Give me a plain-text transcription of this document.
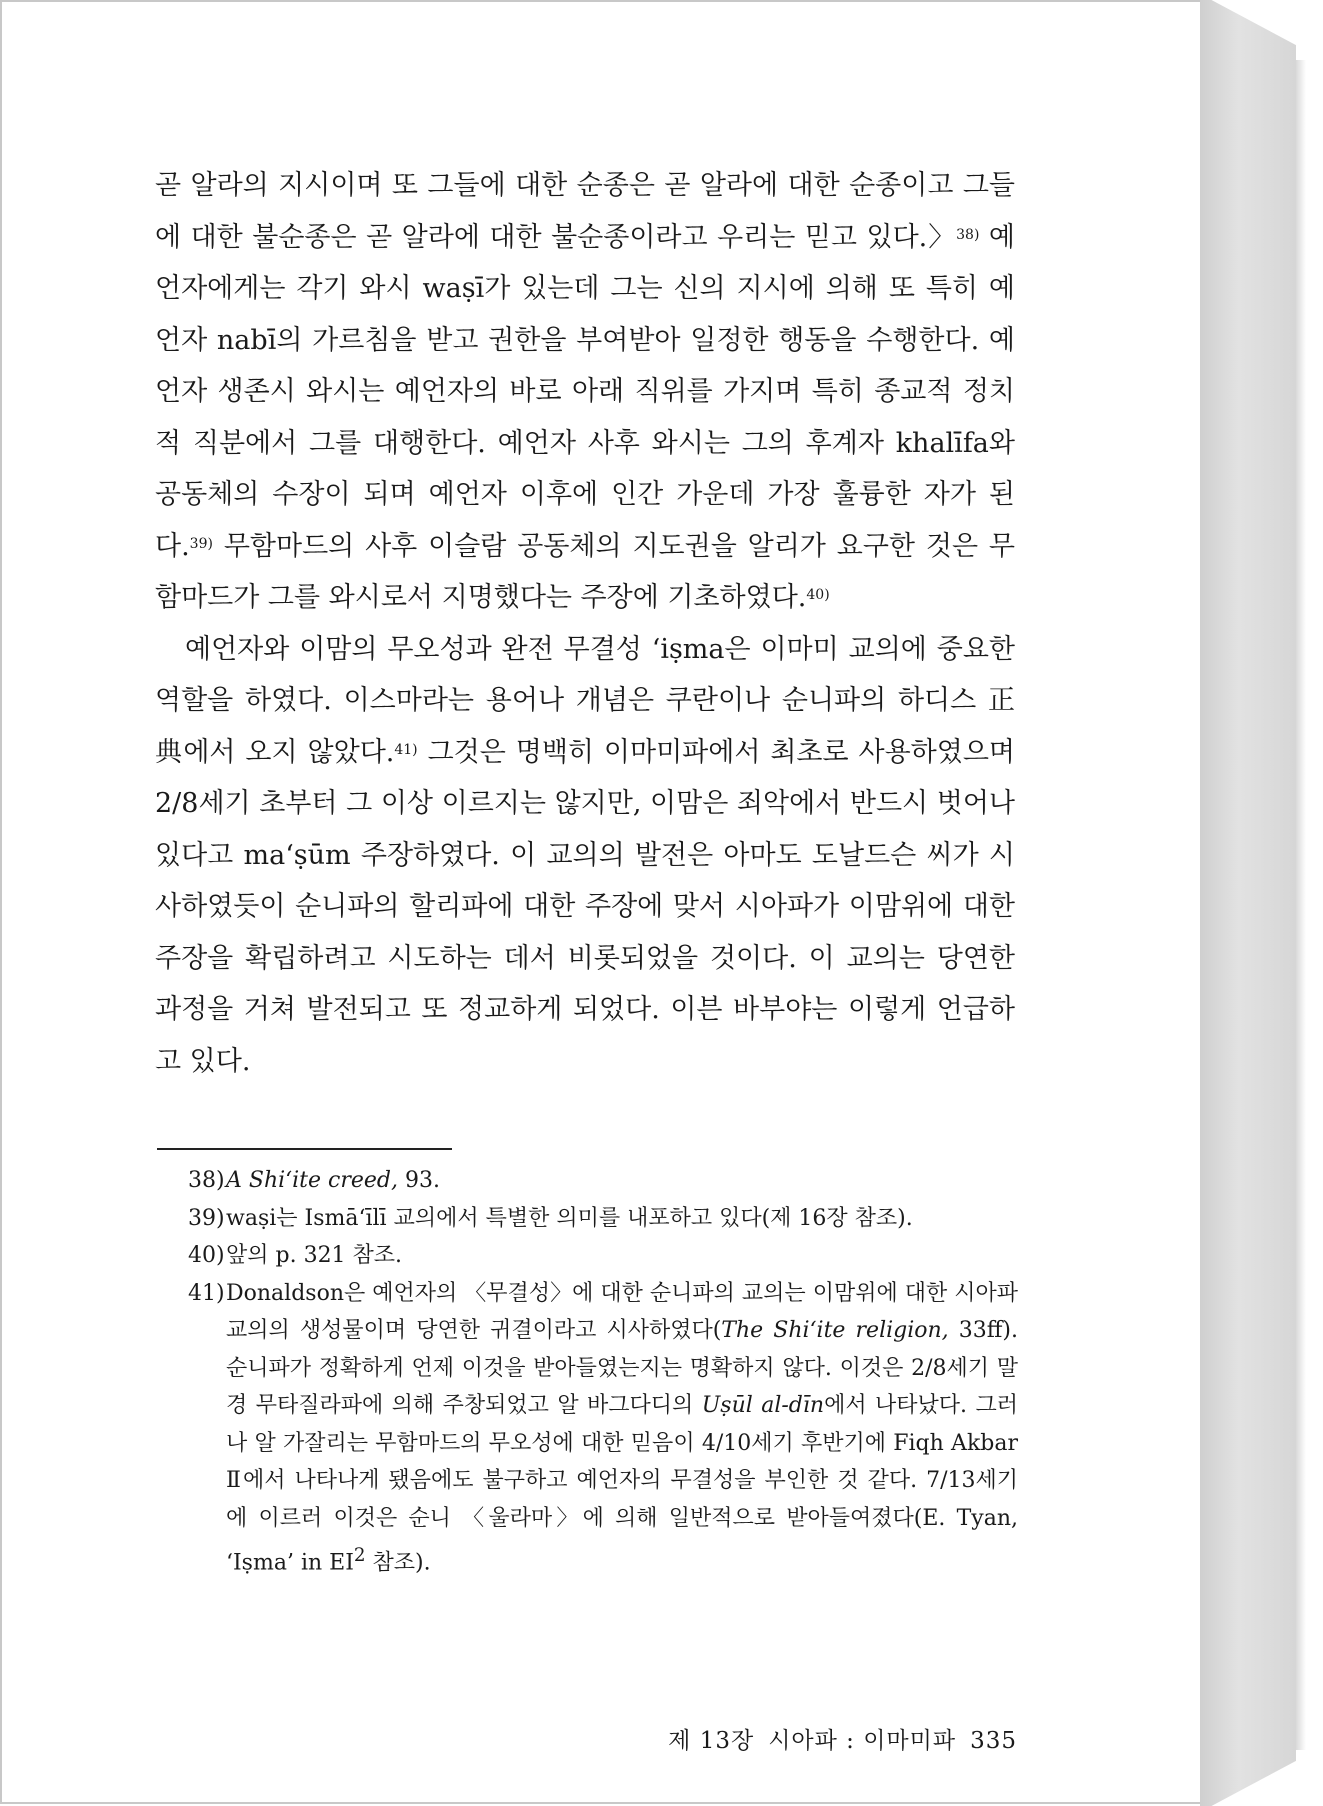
곧 알라의 지시이며 또 그들에 대한 순종은 곧 알라에 대한 순종이고 그들에 대한 불순종은 곧 알라에 대한 불순종이라고 우리는 믿고 있다.〉$^{38)}$ 예언자에게는 각기 와시 waṣī가 있는데 그는 신의 지시에 의해 또 특히 예언자 nabī의 가르침을 받고 권한을 부여받아 일정한 행동을 수행한다. 예언자 생존시 와시는 예언자의 바로 아래 직위를 가지며 특히 종교적 정치적 직분에서 그를 대행한다. 예언자 사후 와시는 그의 후계자 khalīfa와 공동체의 수장이 되며 예언자 이후에 인간 가운데 가장 훌륭한 자가 된다.$^{39)}$ 무함마드의 사후 이슬람 공동체의 지도권을 알리가 요구한 것은 무함마드가 그를 와시로서 지명했다는 주장에 기초하였다.$^{40)}$

예언자와 이맘의 무오성과 완전 무결성 ‘iṣma은 이마미 교의에 중요한 역할을 하였다. 이스마라는 용어나 개념은 쿠란이나 순니파의 하디스 正典에서 오지 않았다.$^{41)}$ 그것은 명백히 이마미파에서 최초로 사용하였으며 2/8세기 초부터 그 이상 이르지는 않지만, 이맘은 죄악에서 반드시 벗어나 있다고 ma‘ṣūm 주장하였다. 이 교의의 발전은 아마도 도날드슨 씨가 시사하였듯이 순니파의 할리파에 대한 주장에 맞서 시아파가 이맘위에 대한 주장을 확립하려고 시도하는 데서 비롯되었을 것이다. 이 교의는 당연한 과정을 거쳐 발전되고 또 정교하게 되었다. 이븐 바부야는 이렇게 언급하고 있다.

38) A Shi‘ite creed, 93.
39) waṣi는 Ismā‘īlī 교의에서 특별한 의미를 내포하고 있다(제 16장 참조).
40) 앞의 p. 321 참조.
41) Donaldson은 예언자의 〈무결성〉에 대한 순니파의 교의는 이맘위에 대한 시아파 교의의 생성물이며 당연한 귀결이라고 시사하였다(The Shi‘ite religion, 33ff). 순니파가 정확하게 언제 이것을 받아들였는지는 명확하지 않다. 이것은 2/8세기 말경 무타질라파에 의해 주창되었고 알 바그다디의 Uṣūl al-dīn에서 나타났다. 그러나 알 가잘리는 무함마드의 무오성에 대한 믿음이 4/10세기 후반기에 Fiqh Akbar Ⅱ에서 나타나게 됐음에도 불구하고 예언자의 무결성을 부인한 것 같다. 7/13세기에 이르러 이것은 순니 〈울라마〉에 의해 일반적으로 받아들여졌다(E. Tyan, ‘Iṣma’ in $EI^2$ 참조).
제 13장 시아파 : 이마미파 335
